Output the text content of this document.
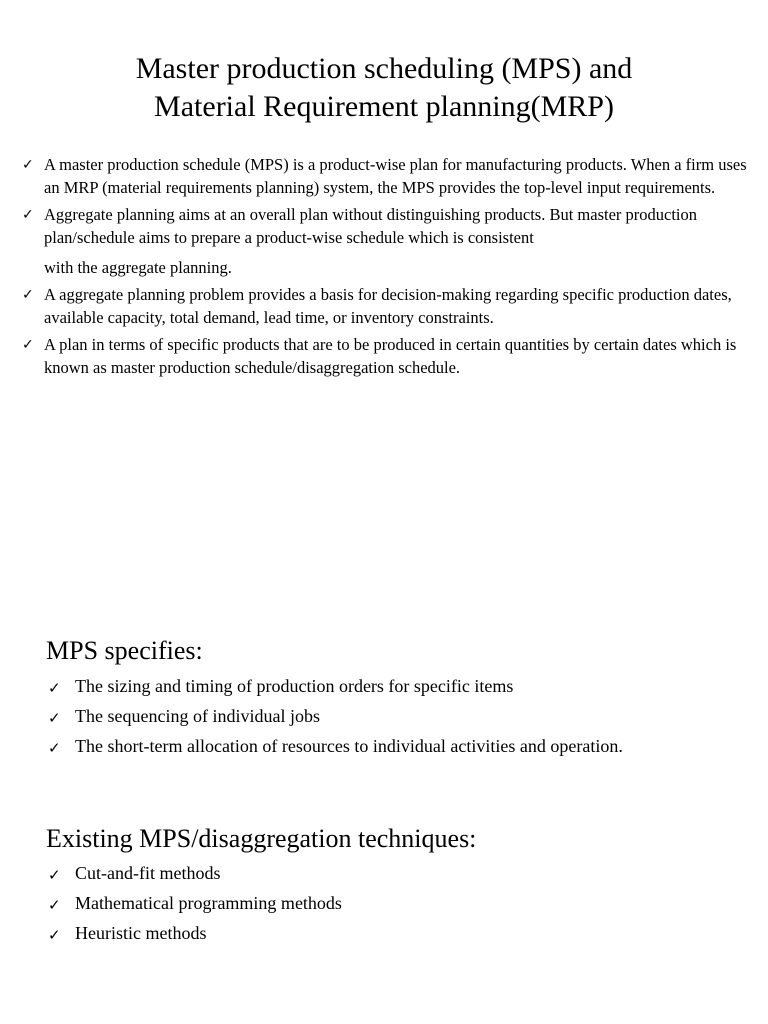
Master production scheduling (MPS) and
Material Requirement planning(MRP)
✓ A master production schedule (MPS) is a product-wise plan for manufacturing products. When a firm uses an MRP (material requirements planning) system, the MPS provides the top-level input requirements.
✓ Aggregate planning aims at an overall plan without distinguishing products. But master production plan/schedule aims to prepare a product-wise schedule which is consistent
with the aggregate planning.
✓ A aggregate planning problem provides a basis for decision-making regarding specific production dates, available capacity, total demand, lead time, or inventory constraints.
✓ A plan in terms of specific products that are to be produced in certain quantities by certain dates which is known as master production schedule/disaggregation schedule.
MPS specifies:
✓ The sizing and timing of production orders for specific items
✓ The sequencing of individual jobs
✓ The short-term allocation of resources to individual activities and operation.
Existing MPS/disaggregation techniques:
✓ Cut-and-fit methods
✓ Mathematical programming methods
✓ Heuristic methods
